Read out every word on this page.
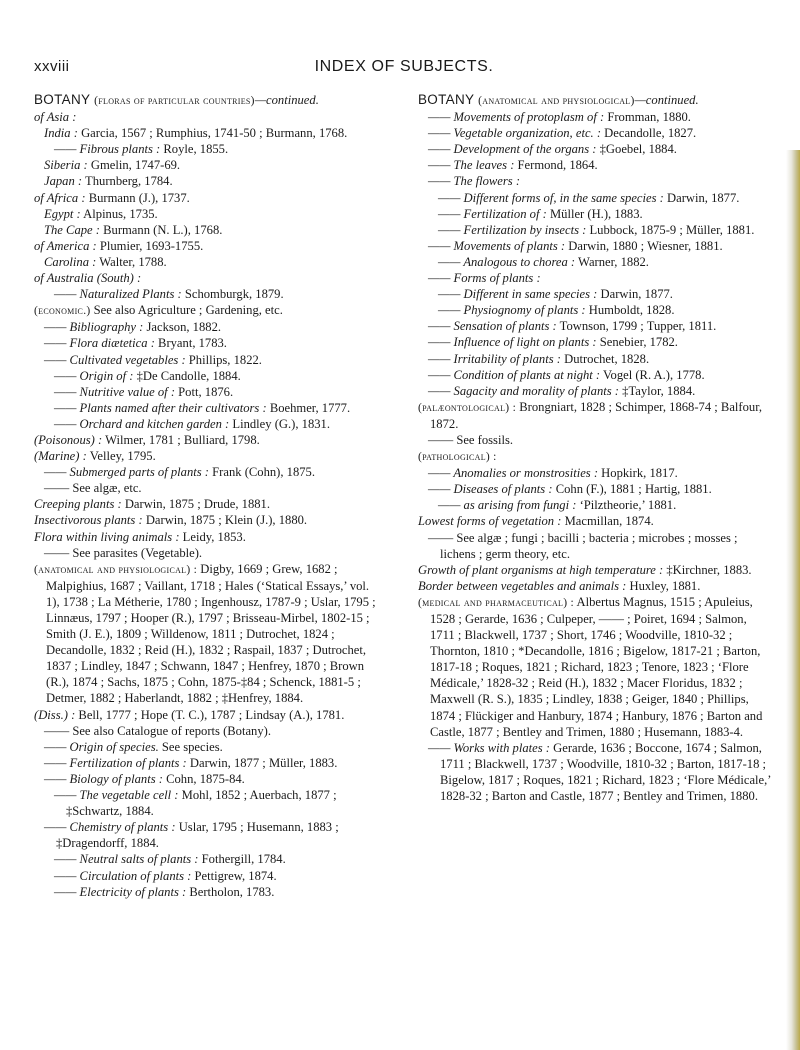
xxviii	INDEX OF SUBJECTS.

BOTANY (floras of particular countries)—continued.

of Asia :

India : Garcia, 1567 ; Rumphius, 1741-50 ; Burmann, 1768.

—— Fibrous plants : Royle, 1855.

Siberia : Gmelin, 1747-69.

Japan : Thurnberg, 1784.

of Africa : Burmann (J.), 1737.

Egypt : Alpinus, 1735.

The Cape : Burmann (N. L.), 1768.

of America : Plumier, 1693-1755.

Carolina : Walter, 1788.

of Australia (South) :

—— Naturalized Plants : Schomburgk, 1879.

(economic.) See also Agriculture ; Gardening, etc.

—— Bibliography : Jackson, 1882.

—— Flora diætetica : Bryant, 1783.

—— Cultivated vegetables : Phillips, 1822.

—— Origin of : ‡De Candolle, 1884.

—— Nutritive value of : Pott, 1876.

—— Plants named after their cultivators : Boehmer, 1777.

—— Orchard and kitchen garden : Lindley (G.), 1831.

(Poisonous) : Wilmer, 1781 ; Bulliard, 1798.

(Marine) : Velley, 1795.

—— Submerged parts of plants : Frank (Cohn), 1875.

—— See algæ, etc.

Creeping plants : Darwin, 1875 ; Drude, 1881.

Insectivorous plants : Darwin, 1875 ; Klein (J.), 1880.

Flora within living animals : Leidy, 1853.

—— See parasites (Vegetable).

(anatomical and physiological) : Digby, 1669 ; Grew, 1682 ; Malpighius, 1687 ; Vaillant, 1718 ; Hales (‘Statical Essays,’ vol. 1), 1738 ; La Métherie, 1780 ; Ingenhousz, 1787-9 ; Uslar, 1795 ; Linnæus, 1797 ; Hooper (R.), 1797 ; Brisseau-Mirbel, 1802-15 ; Smith (J. E.), 1809 ; Willdenow, 1811 ; Dutrochet, 1824 ; Decandolle, 1832 ; Reid (H.), 1832 ; Raspail, 1837 ; Dutrochet, 1837 ; Lindley, 1847 ; Schwann, 1847 ; Henfrey, 1870 ; Brown (R.), 1874 ; Sachs, 1875 ; Cohn, 1875-‡84 ; Schenck, 1881-5 ; Detmer, 1882 ; Haberlandt, 1882 ; ‡Henfrey, 1884.

(Diss.) : Bell, 1777 ; Hope (T. C.), 1787 ; Lindsay (A.), 1781.

—— See also Catalogue of reports (Botany).

—— Origin of species. See species.

—— Fertilization of plants : Darwin, 1877 ; Müller, 1883.

—— Biology of plants : Cohn, 1875-84.

—— The vegetable cell : Mohl, 1852 ; Auerbach, 1877 ; ‡Schwartz, 1884.

—— Chemistry of plants : Uslar, 1795 ; Husemann, 1883 ; ‡Dragendorff, 1884.

—— Neutral salts of plants : Fothergill, 1784.

—— Circulation of plants : Pettigrew, 1874.

—— Electricity of plants : Bertholon, 1783.

BOTANY (anatomical and physiological)—continued.

—— Movements of protoplasm of : Fromman, 1880.

—— Vegetable organization, etc. : Decandolle, 1827.

—— Development of the organs : ‡Goebel, 1884.

—— The leaves : Fermond, 1864.

—— The flowers :

—— Different forms of, in the same species : Darwin, 1877.

—— Fertilization of : Müller (H.), 1883.

—— Fertilization by insects : Lubbock, 1875-9 ; Müller, 1881.

—— Movements of plants : Darwin, 1880 ; Wiesner, 1881.

—— Analogous to chorea : Warner, 1882.

—— Forms of plants :

—— Different in same species : Darwin, 1877.

—— Physiognomy of plants : Humboldt, 1828.

—— Sensation of plants : Townson, 1799 ; Tupper, 1811.

—— Influence of light on plants : Senebier, 1782.

—— Irritability of plants : Dutrochet, 1828.

—— Condition of plants at night : Vogel (R. A.), 1778.

—— Sagacity and morality of plants : ‡Taylor, 1884.

(palæontological) : Brongniart, 1828 ; Schimper, 1868-74 ; Balfour, 1872.

—— See fossils.

(pathological) :

—— Anomalies or monstrosities : Hopkirk, 1817.

—— Diseases of plants : Cohn (F.), 1881 ; Hartig, 1881.

—— as arising from fungi : ‘Pilztheorie,’ 1881.

Lowest forms of vegetation : Macmillan, 1874.

—— See algæ ; fungi ; bacilli ; bacteria ; microbes ; mosses ; lichens ; germ theory, etc.

Growth of plant organisms at high temperature : ‡Kirchner, 1883.

Border between vegetables and animals : Huxley, 1881.

(medical and pharmaceutical) : Albertus Magnus, 1515 ; Apuleius, 1528 ; Gerarde, 1636 ; Culpeper, —— ; Poiret, 1694 ; Salmon, 1711 ; Blackwell, 1737 ; Short, 1746 ; Woodville, 1810-32 ; Thornton, 1810 ; *Decandolle, 1816 ; Bigelow, 1817-21 ; Barton, 1817-18 ; Roques, 1821 ; Richard, 1823 ; Tenore, 1823 ; ‘Flore Médicale,’ 1828-32 ; Reid (H.), 1832 ; Macer Floridus, 1832 ; Maxwell (R. S.), 1835 ; Lindley, 1838 ; Geiger, 1840 ; Phillips, 1874 ; Flückiger and Hanbury, 1874 ; Hanbury, 1876 ; Barton and Castle, 1877 ; Bentley and Trimen, 1880 ; Husemann, 1883-4.

—— Works with plates : Gerarde, 1636 ; Boccone, 1674 ; Salmon, 1711 ; Blackwell, 1737 ; Woodville, 1810-32 ; Barton, 1817-18 ; Bigelow, 1817 ; Roques, 1821 ; Richard, 1823 ; ‘Flore Médicale,’ 1828-32 ; Barton and Castle, 1877 ; Bentley and Trimen, 1880.
